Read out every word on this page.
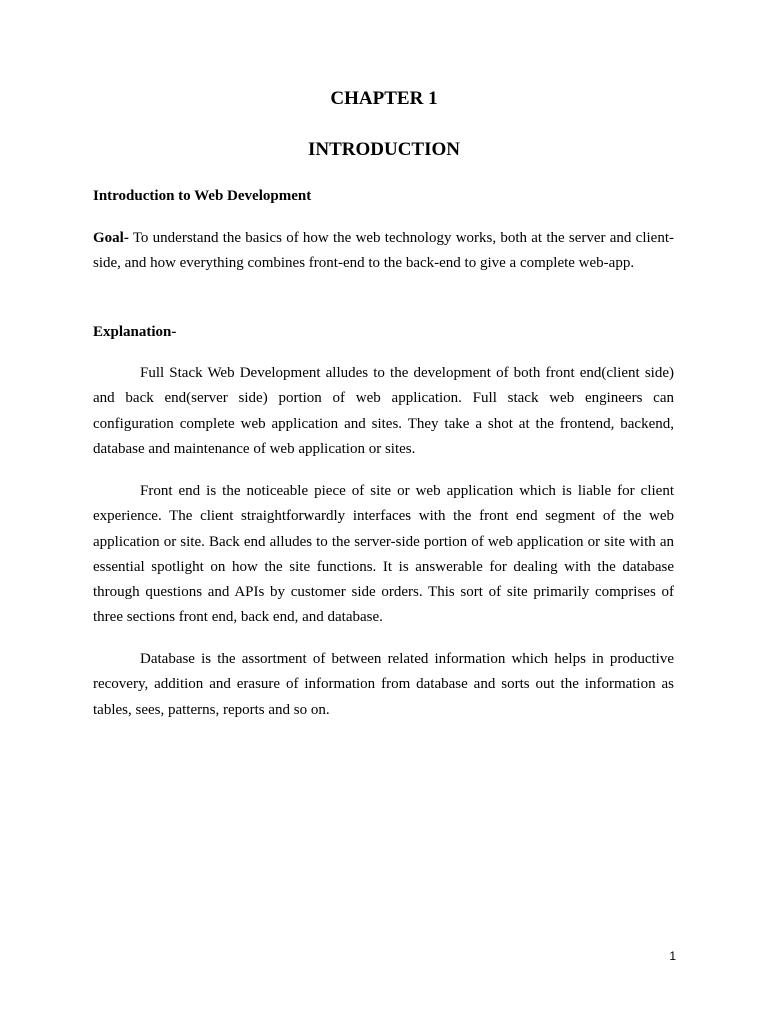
CHAPTER 1
INTRODUCTION

Introduction to Web Development

Goal- To understand the basics of how the web technology works, both at the server and client-side, and how everything combines front-end to the back-end to give a complete web-app.

Explanation-

Full Stack Web Development alludes to the development of both front end(client side) and back end(server side) portion of web application. Full stack web engineers can configuration complete web application and sites. They take a shot at the frontend, backend, database and maintenance of web application or sites.

Front end is the noticeable piece of site or web application which is liable for client experience. The client straightforwardly interfaces with the front end segment of the web application or site. Back end alludes to the server-side portion of web application or site with an essential spotlight on how the site functions. It is answerable for dealing with the database through questions and APIs by customer side orders. This sort of site primarily comprises of three sections front end, back end, and database.

Database is the assortment of between related information which helps in productive recovery, addition and erasure of information from database and sorts out the information as tables, sees, patterns, reports and so on.

1
